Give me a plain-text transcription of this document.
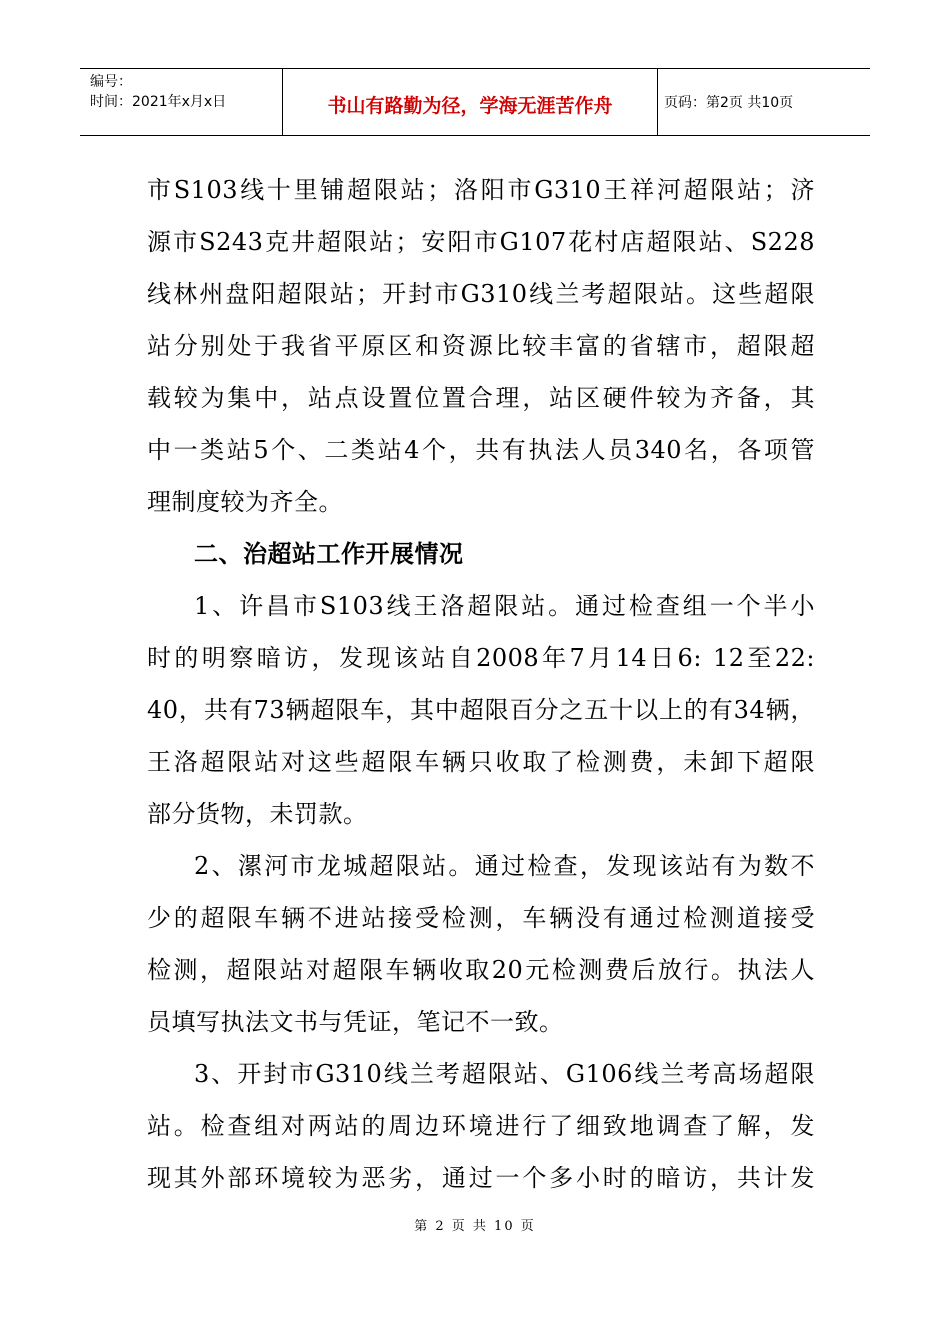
编号：
时间：2021年x月x日	书山有路勤为径，学海无涯苦作舟	页码：第2页 共10页
市S103线十里铺超限站；洛阳市G310王祥河超限站；济
源市S243克井超限站；安阳市G107花村店超限站、S228
线林州盘阳超限站；开封市G310线兰考超限站。这些超限
站分别处于我省平原区和资源比较丰富的省辖市，超限超
载较为集中，站点设置位置合理，站区硬件较为齐备，其
中一类站5个、二类站4个，共有执法人员340名，各项管
理制度较为齐全。
二、治超站工作开展情况
1、许昌市S103线王洛超限站。通过检查组一个半小
时的明察暗访，发现该站自2008年7月14日6: 12至22:
40，共有73辆超限车，其中超限百分之五十以上的有34辆，
王洛超限站对这些超限车辆只收取了检测费，未卸下超限
部分货物，未罚款。
2、漯河市龙城超限站。通过检查，发现该站有为数不
少的超限车辆不进站接受检测，车辆没有通过检测道接受
检测，超限站对超限车辆收取20元检测费后放行。执法人
员填写执法文书与凭证，笔记不一致。
3、开封市G310线兰考超限站、G106线兰考高场超限
站。检查组对两站的周边环境进行了细致地调查了解，发
现其外部环境较为恶劣，通过一个多小时的暗访，共计发
第 2 页 共 10 页
